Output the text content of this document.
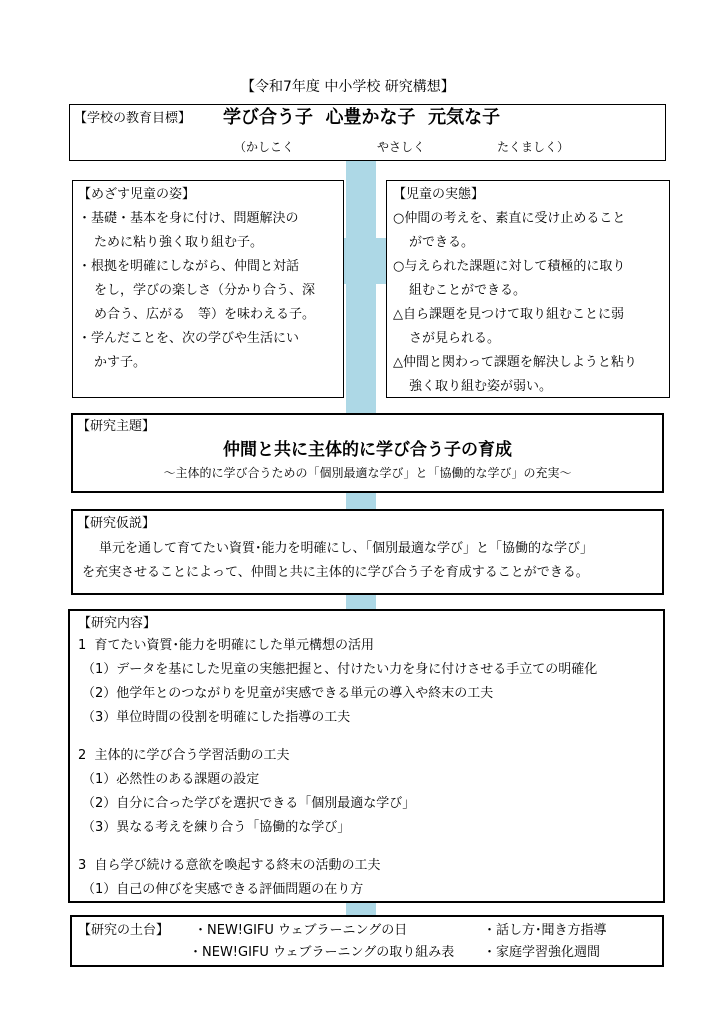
【令和7年度 中小学校 研究構想】
【学校の教育目標】 学び合う子  心豊かな子  元気な子
（かしこく	やさしく	たくましく）
【めざす児童の姿】
・基礎・基本を身に付け、問題解決の
ために粘り強く取り組む子。
・根拠を明確にしながら、仲間と対話
をし，学びの楽しさ（分かり合う、深
め合う、広がる　等）を味わえる子。
・学んだことを、次の学びや生活にい
かす子。
【児童の実態】
○仲間の考えを、素直に受け止めること
ができる。
○与えられた課題に対して積極的に取り
組むことができる。
△自ら課題を見つけて取り組むことに弱
さが見られる。
△仲間と関わって課題を解決しようと粘り
強く取り組む姿が弱い。
【研究主題】
仲間と共に主体的に学び合う子の育成
～主体的に学び合うための「個別最適な学び」と「協働的な学び」の充実～
【研究仮説】
単元を通して育てたい資質･能力を明確にし、「個別最適な学び」と「協働的な学び」
を充実させることによって、仲間と共に主体的に学び合う子を育成することができる。
【研究内容】
1  育てたい資質･能力を明確にした単元構想の活用
（1）データを基にした児童の実態把握と、付けたい力を身に付けさせる手立ての明確化
（2）他学年とのつながりを児童が実感できる単元の導入や終末の工夫
（3）単位時間の役割を明確にした指導の工夫
2  主体的に学び合う学習活動の工夫
（1）必然性のある課題の設定
（2）自分に合った学びを選択できる「個別最適な学び」
（3）異なる考えを練り合う「協働的な学び」
3  自ら学び続ける意欲を喚起する終末の活動の工夫
（1）自己の伸びを実感できる評価問題の在り方
【研究の土台】 ・NEW!GIFU ウェブラーニングの日	・話し方･聞き方指導
・NEW!GIFU ウェブラーニングの取り組み表 ・家庭学習強化週間
